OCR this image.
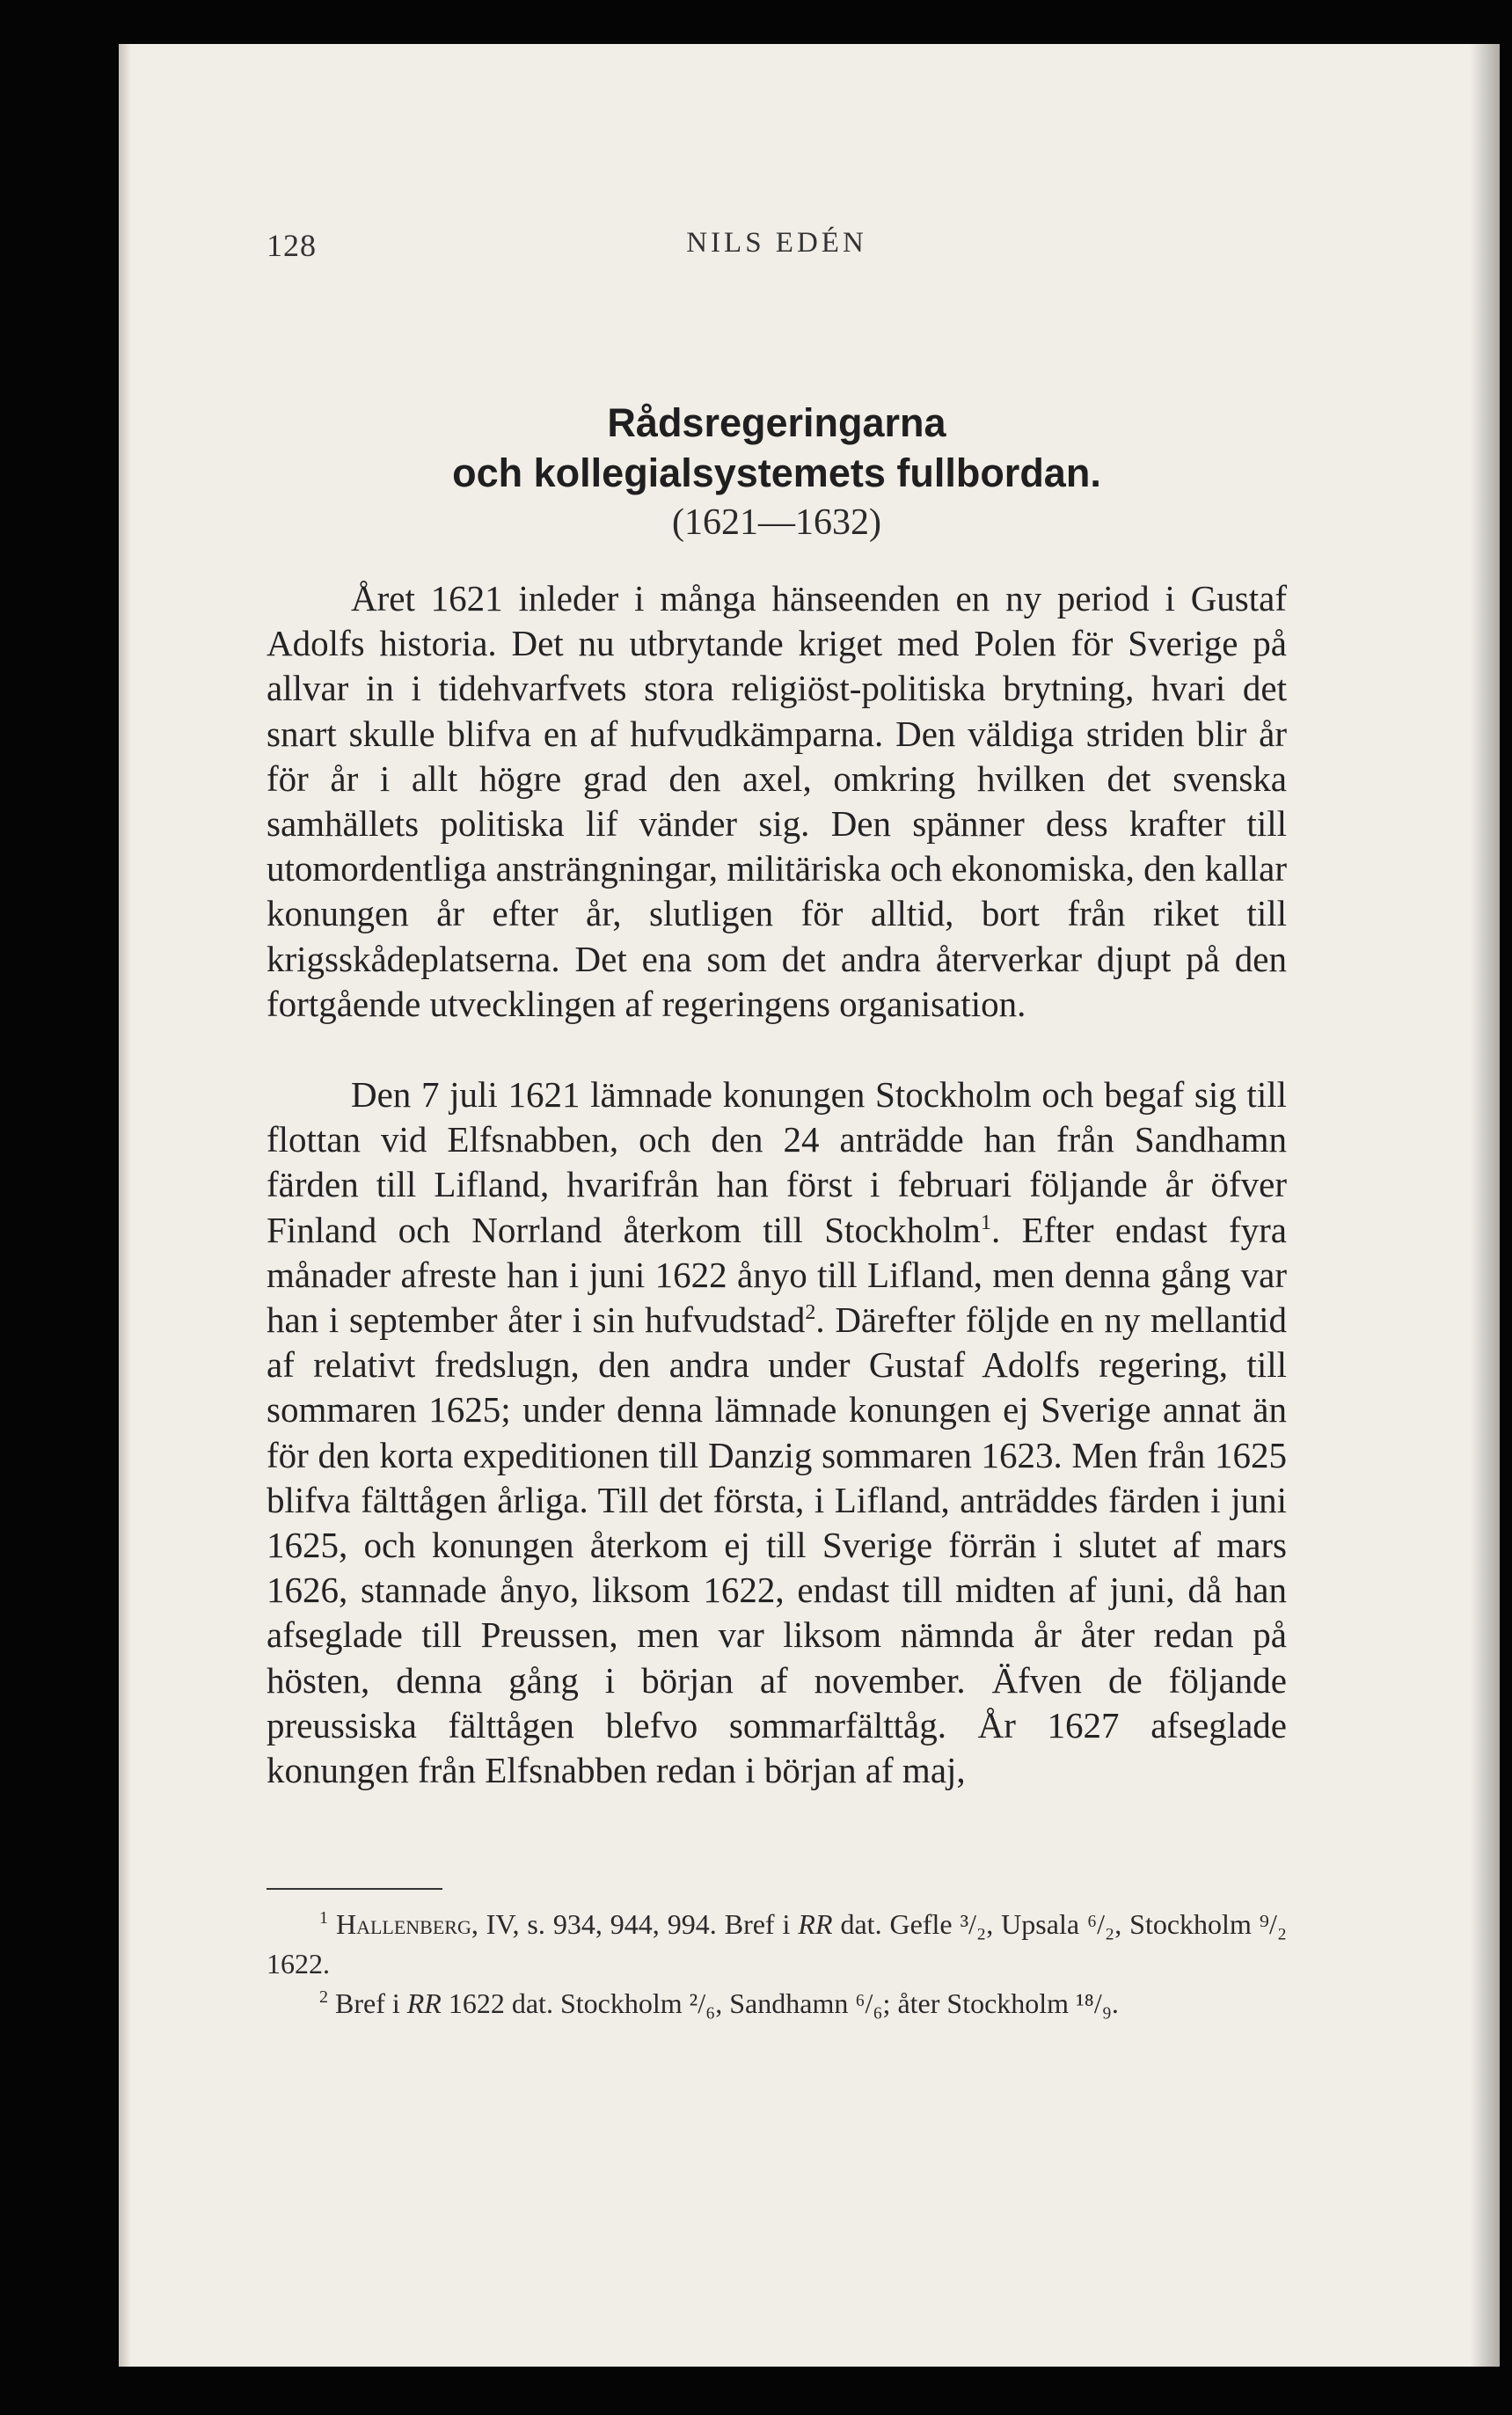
128	NILS EDÉN
Rådsregeringarna
och kollegialsystemets fullbordan.
(1621—1632)

Året 1621 inleder i många hänseenden en ny period i Gustaf Adolfs historia. Det nu utbrytande kriget med Polen för Sverige på allvar in i tidehvarfvets stora religiöst-politiska brytning, hvari det snart skulle blifva en af hufvudkämparna. Den väldiga striden blir år för år i allt högre grad den axel, omkring hvilken det svenska samhällets politiska lif vänder sig. Den spänner dess krafter till utomordentliga ansträngningar, militäriska och ekonomiska, den kallar konungen år efter år, slutligen för alltid, bort från riket till krigsskådeplatserna. Det ena som det andra återverkar djupt på den fortgående utvecklingen af regeringens organisation.

Den 7 juli 1621 lämnade konungen Stockholm och begaf sig till flottan vid Elfsnabben, och den 24 anträdde han från Sandhamn färden till Lifland, hvarifrån han först i februari följande år öfver Finland och Norrland återkom till Stockholm$^1$. Efter endast fyra månader afreste han i juni 1622 ånyo till Lifland, men denna gång var han i september åter i sin hufvudstad$^2$. Därefter följde en ny mellantid af relativt fredslugn, den andra under Gustaf Adolfs regering, till sommaren 1625; under denna lämnade konungen ej Sverige annat än för den korta expeditionen till Danzig sommaren 1623. Men från 1625 blifva fälttågen årliga. Till det första, i Lifland, anträddes färden i juni 1625, och konungen återkom ej till Sverige förrän i slutet af mars 1626, stannade ånyo, liksom 1622, endast till midten af juni, då han afseglade till Preussen, men var liksom nämnda år åter redan på hösten, denna gång i början af november. Äfven de följande preussiska fälttågen blefvo sommarfälttåg. År 1627 afseglade konungen från Elfsnabben redan i början af maj,

$^1$ Hallenberg, IV, s. 934, 944, 994. Bref i RR dat. Gefle ³/₂, Upsala ⁶/₂, Stockholm ⁹/₂ 1622.

$^2$ Bref i RR 1622 dat. Stockholm ²/₆, Sandhamn ⁶/₆; åter Stockholm ¹⁸/₉.
